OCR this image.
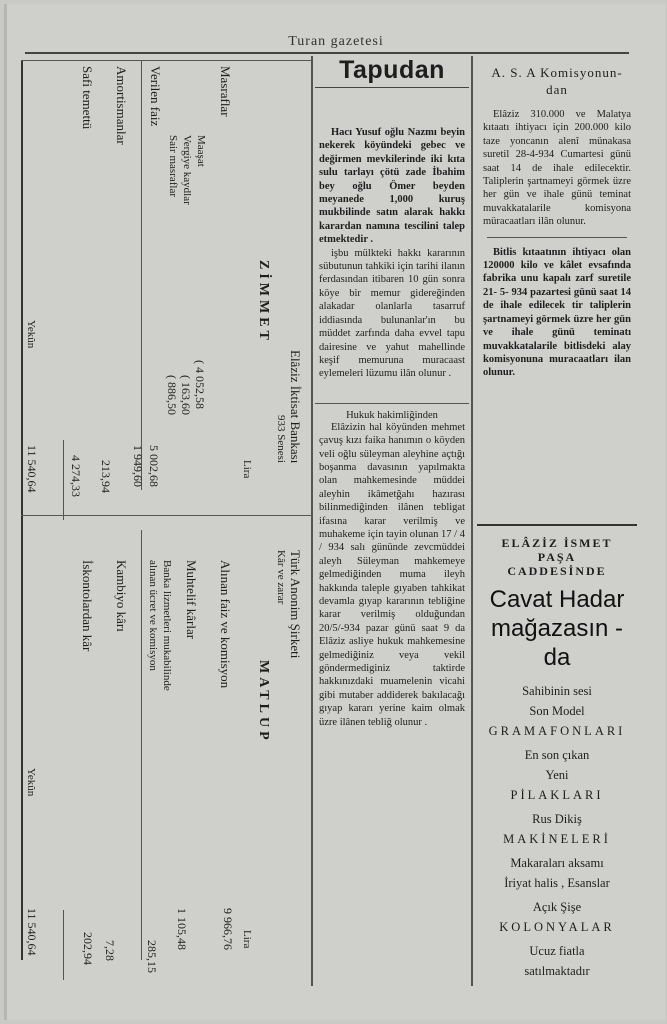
Turan gazetesi
ZİMMET
MATLUP
Elâziz İktisat Bankası
933 Senesi
Türk Anonim Şirketi
Kâr ve zarar
Lira
Lira
Masraflar
5 002,68
Verilen faiz
1 949,60
Amortismanlar
213,94
Safi temettü
4 274,33
Maaşat
( 4 052,58
Vergiye kaydlar
( 163,60
Sair masraflar
( 886,50
Yekûn
11 540,64
Alınan faiz ve komisyon
9 966,76
Muhtelif kârlar
1 105,48
Kambiyo kârı
7,28
İskontolardan kâr
202,94
Banka lizmetleri mukabilinde
alınan ücret ve komisyon
285,15
Yekûn
11 540,64
Tapudan

Hacı Yusuf oğlu Nazmı beyin nekerek köyündeki gebec ve değirmen mevkilerinde iki kıta sulu tarlayı çötü zade İbahim bey oğlu Ömer beyden meyanede 1,000 kuruş mukbilinde satın alarak hakkı karardan namına tescilini talep etmektedir .

işbu mülkteki hakkı kararının sübutunun tahkiki için tarihi ilanın ferdasından itibaren 10 gün sonra köye bir memur gidereğinden alakadar olanlarla tasarruf iddiasında bulunanlar'ın bu müddet zarfında daha evvel tapu dairesine ve yahut mahellinde keşif memuruna muracaast eylemeleri lüzumu ilân olunur .

Hukuk hakimliğinden

Elâzizin hal köyünden mehmet çavuş kızı faika hanımın o köyden veli oğlu süleyman aleyhine açtığı boşanma davasının yapılmakta olan mahkemesinde müddei aleyhin ikâmetğahı hazırası bilinmediğinden ilânen tebligat ifasına karar verilmiş ve muhakeme için tayin olunan 17 / 4 / 934 salı gününde zevcmüddei aleyh Süleyman mahkemeye gelmediğinden muma ileyh hakkında taleple gıyaben tahkikat devamla gıyap kararının tebliğine karar verilmiş olduğundan 20/5/-934 pazar günü saat 9 da Elâziz asliye hukuk mahkemesine gelmediğiniz veya vekil göndermediginiz taktirde hakkınızdaki muamelenin vicahi gibi mutaber addiderek bakılacağı gıyap kararı yerine kaim olmak üzre ilânen tebliğ olunur .

A. S. A Komisyonun-
dan

Elâziz 310.000 ve Malatya kıtaatı ihtiyacı için 200.000 kilo taze yoncanın alenî münakasa suretil 28-4-934 Cumartesi günü saat 14 de ihale edilecektir. Taliplerin şartnameyi görmek üzre her gün ve ihale günü teminat muvakkatalarile komisyona müracaatları ilân olunur.

Bitlis kıtaatının ihtiyacı olan 120000 kilo ve kâlet evsafında fabrika unu kapalı zarf suretile 21- 5- 934 pazartesi günü saat 14 de ihale edilecek tir taliplerin şartnameyi görmek üzre her gün ve ihale günü teminatı muvakkatalarile bitlisdeki alay komisyonuna muracaatları ilan olunur.

ELÂZİZ İSMET
PAŞA
CADDESİNDE
Cavat Hadar
mağazasın -
da
Sahibinin sesi
Son Model
GRAMAFONLARI
En son çıkan
Yeni
PİLAKLARI
Rus Dikiş
MAKİNELERİ
Makaraları aksamı
İriyat halis , Esanslar
Açık Şişe
KOLONYALAR
Ucuz fiatla
satılmaktadır
